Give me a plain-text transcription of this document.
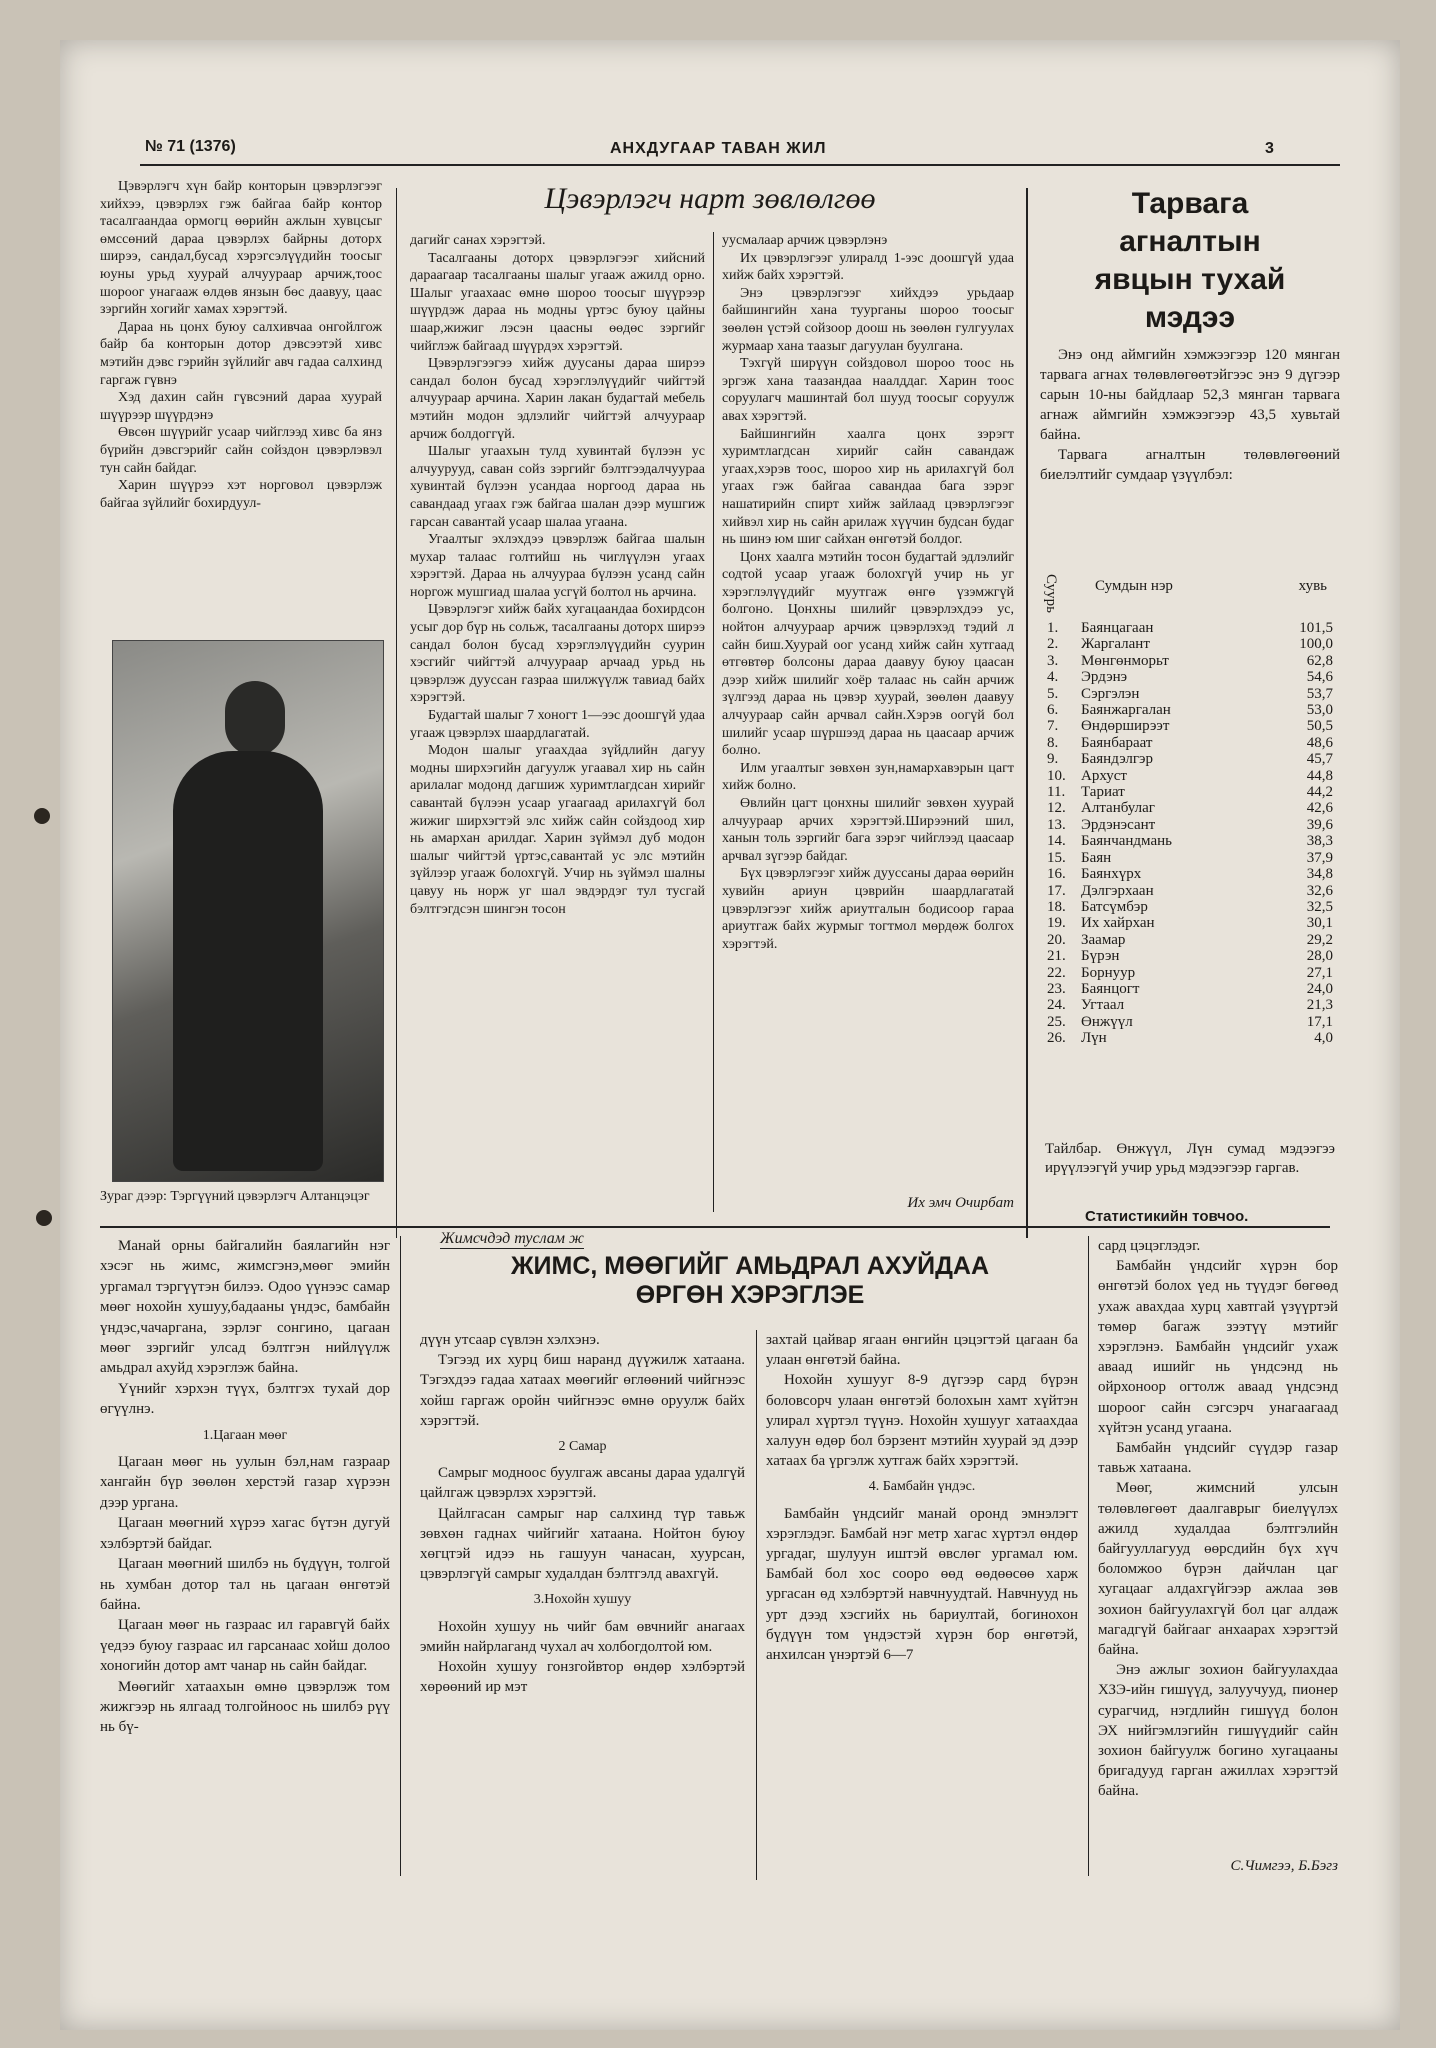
№ 71 (1376)	АНХДУГААР ТАВАН ЖИЛ	3

Цэвэрлэгч хүн байр конторын цэвэрлэгээг хийхээ, цэвэрлэх гэж байгаа байр контор тасалгаандаа ормогц өөрийн ажлын хувцсыг өмссөний дараа цэвэрлэх байрны доторх ширээ, сандал,бусад хэрэгсэлүүдийн тоосыг юуны урьд хуурай алчуураар арчиж,тоос шороог унагааж өлдөв янзын бөс даавуу, цаас зэргийн хогийг хамах хэрэгтэй.

Дараа нь цонх буюу салхивчаа онгойлгож байр ба конторын дотор дэвсээтэй хивс мэтийн дэвс гэрийн зүйлийг авч гадаа салхинд гаргаж гүвнэ

Хэд дахин сайн гүвсэний дараа хуурай шүүрээр шүүрдэнэ

Өвсөн шүүрийг усаар чийглээд хивс ба янз бүрийн дэвсгэрийг сайн сойздон цэвэрлэвэл тун сайн байдаг.

Харин шүүрээ хэт норговол цэвэрлэж байгаа зүйлийг бохирдуул-

Зураг дээр: Тэргүүний цэвэрлэгч Алтанцэцэг
Цэвэрлэгч нарт зөвлөлгөө

дагийг санах хэрэгтэй.

Тасалгааны доторх цэвэрлэгээг хийсний дараагаар тасалгааны шалыг угааж ажилд орно. Шалыг угаахаас өмнө шороо тоосыг шүүрээр шүүрдэж дараа нь модны үртэс буюу цайны шаар,жижиг лэсэн цаасны өөдөс зэргийг чийглэж байгаад шүүрдэх хэрэгтэй.

Цэвэрлэгээгээ хийж дуусаны дараа ширээ сандал болон бусад хэрэглэлүүдийг чийгтэй алчуураар арчина. Харин лакан будагтай мебель мэтийн модон эдлэлийг чийгтэй алчуураар арчиж болдоггүй.

Шалыг угаахын тулд хувинтай бүлээн ус алчуурууд, саван сойз зэргийг бэлтгээдалчуураа хувинтай бүлээн усандаа норгоод дараа нь савандаад угаах гэж байгаа шалан дээр мушгиж гарсан савантай усаар шалаа угаана.

Угаалтыг эхлэхдээ цэвэрлэж байгаа шалын мухар талаас голтийш нь чиглүүлэн угаах хэрэгтэй. Дараа нь алчуураа бүлээн усанд сайн норгож мушгиад шалаа усгүй болтол нь арчина.

Цэвэрлэгэг хийж байх хугацаандаа бохирдсон усыг дор бүр нь сольж, тасалгааны доторх ширээ сандал болон бусад хэрэглэлүүдийн суурин хэсгийг чийгтэй алчуураар арчаад урьд нь цэвэрлэж дууссан газраа шилжүүлж тавиад байх хэрэгтэй.

Будагтай шалыг 7 хоногт 1—ээс доошгүй удаа угааж цэвэрлэх шаардлагатай.

Модон шалыг угаахдаа зүйдлийн дагуу модны ширхэгийн дагуулж угаавал хир нь сайн арилалаг модонд дагшиж хуримтлагдсан хирийг савантай бүлээн усаар угаагаад арилахгүй бол жижиг ширхэгтэй элс хийж сайн сойздоод хир нь амархан арилдаг. Харин зүймэл дуб модон шалыг чийгтэй үртэс,савантай ус элс мэтийн зүйлээр угааж болохгүй. Учир нь зүймэл шалны цавуу нь норж уг шал эвдэрдэг тул тусгай бэлтгэгдсэн шингэн тосон

уусмалаар арчиж цэвэрлэнэ

Их цэвэрлэгээг улиралд 1-ээс доошгүй удаа хийж байх хэрэгтэй.

Энэ цэвэрлэгээг хийхдээ урьдаар байшингийн хана туурганы шороо тоосыг зөөлөн үстэй сойзоор доош нь зөөлөн гулгуулах журмаар хана таазыг дагуулан буулгана.

Тэхгүй ширүүн сойздовол шороо тоос нь эргэж хана таазандаа наалддаг. Харин тоос соруулагч машинтай бол шууд тоосыг соруулж авах хэрэгтэй.

Байшингийн хаалга цонх зэрэгт хуримтлагдсан хирийг сайн савандаж угаах,хэрэв тоос, шороо хир нь арилахгүй бол угаах гэж байгаа савандаа бага зэрэг нашатирийн спирт хийж зайлаад цэвэрлэгээг хийвэл хир нь сайн арилаж хүүчин будсан будаг нь шинэ юм шиг сайхан өнгөтэй болдог.

Цонх хаалга мэтийн тосон будагтай эдлэлийг содтой усаар угааж болохгүй учир нь уг хэрэглэлүүдийг муутгаж өнгө үзэмжгүй болгоно. Цонхны шилийг цэвэрлэхдээ ус, нойтон алчуураар арчиж цэвэрлэхэд тэдий л сайн биш.Хуурай оог усанд хийж сайн хутгаад өтгөвтөр болсоны дараа даавуу буюу цаасан дээр хийж шилийг хоёр талаас нь сайн арчиж зүлгээд дараа нь цэвэр хуурай, зөөлөн даавуу алчуураар сайн арчвал сайн.Хэрэв оогүй бол шилийг усаар шүршээд дараа нь цаасаар арчиж болно.

Илм угаалтыг зөвхөн зун,намархавэрын цагт хийж болно.

Өвлийн цагт цонхны шилийг зөвхөн хуурай алчуураар арчих хэрэгтэй.Ширээний шил, ханын толь зэргийг бага зэрэг чийглээд цаасаар арчвал зүгээр байдаг.

Бүх цэвэрлэгээг хийж дууссаны дараа өөрийн хувийн ариун цэврийн шаардлагатай цэвэрлэгээг хийж ариутгалын бодисоор гараа ариутгаж байх журмыг тогтмол мөрдөж болгох хэрэгтэй.

Их эмч Очирбат
Тарвага
агналтын
явцын тухай
мэдээ

Энэ онд аймгийн хэмжээгээр 120 мянган тарвага агнах төлөвлөгөөтэйгээс энэ 9 дүгээр сарын 10-ны байдлаар 52,3 мянган тарвага агнаж аймгийн хэмжээгээр 43,5 хувьтай байна.

Тарвага агналтын төлөвлөгөөний биелэлтийг сумдаар үзүүлбэл:

Суурь Сумдын нэр	хувь
1.	Баянцагаан	101,5
2.	Жаргалант	100,0
3.	Мөнгөнморьт	62,8
4.	Эрдэнэ	54,6
5.	Сэргэлэн	53,7
6.	Баянжаргалан	53,0
7.	Өндөрширээт	50,5
8.	Баянбараат	48,6
9.	Баяндэлгэр	45,7
10.	Архуст	44,8
11.	Тариат	44,2
12.	Алтанбулаг	42,6
13.	Эрдэнэсант	39,6
14.	Баянчандмань	38,3
15.	Баян	37,9
16.	Баянхүрх	34,8
17.	Дэлгэрхаан	32,6
18.	Батсүмбэр	32,5
19.	Их хайрхан	30,1
20.	Заамар	29,2
21.	Бүрэн	28,0
22.	Борнуур	27,1
23.	Баянцогт	24,0
24.	Угтаал	21,3
25.	Өнжүүл	17,1
26.	Лүн	4,0
Тайлбар. Өнжүүл, Лүн сумад мэдээгээ ирүүлээгүй учир урьд мэдээгээр гаргав.
Статистикийн товчоо.

Манай орны байгалийн баялагийн нэг хэсэг нь жимс, жимсгэнэ,мөөг эмийн ургамал тэргүүтэн билээ. Одоо үүнээс самар мөөг нохойн хушуу,бадааны үндэс, бамбайн үндэс,чачаргана, зэрлэг сонгино, цагаан мөөг зэргийг улсад бэлтгэн нийлүүлж амьдрал ахуйд хэрэглэж байна.

Үүнийг хэрхэн түүх, бэлтгэх тухай дор өгүүлнэ.

1.Цагаан мөөг

Цагаан мөөг нь уулын бэл,нам газраар хангайн бүр зөөлөн херстэй газар хүрээн дээр ургана.

Цагаан мөөгний хүрээ хагас бүтэн дугуй хэлбэртэй байдаг.

Цагаан мөөгний шилбэ нь бүдүүн, толгой нь хумбан дотор тал нь цагаан өнгөтэй байна.

Цагаан мөөг нь газраас ил гаравгүй байх үедээ буюу газраас ил гарсанаас хойш долоо хоногийн дотор амт чанар нь сайн байдаг.

Мөөгийг хатаахын өмнө цэвэрлэж том жижгээр нь ялгаад толгойноос нь шилбэ рүү нь бү-

Жимсчдэд туслам ж
ЖИМС, МӨӨГИЙГ АМЬДРАЛ АХУЙДАА
ӨРГӨН ХЭРЭГЛЭЕ

дүүн утсаар сүвлэн хэлхэнэ.

Тэгээд их хурц биш наранд дүүжилж хатаана. Тэгэхдээ гадаа хатаах мөөгийг өглөөний чийгнээс хойш гаргаж оройн чийгнээс өмнө оруулж байх хэрэгтэй.

2 Самар

Самрыг модноос буулгаж авсаны дараа удалгүй цайлгаж цэвэрлэх хэрэгтэй.

Цайлгасан самрыг нар салхинд түр тавьж зөвхөн гаднах чийгийг хатаана. Нойтон буюу хөгцтэй идээ нь гашуун чанасан, хуурсан, цэвэрлэгүй самрыг худалдан бэлтгэлд авахгүй.

3.Нохойн хушуу

Нохойн хушуу нь чийг бам өвчнийг анагаах эмийн найрлаганд чухал ач холбогдолтой юм.

Нохойн хушуу гонзгойвтор өндөр хэлбэртэй хөрөөний ир мэт

захтай цайвар ягаан өнгийн цэцэгтэй цагаан ба улаан өнгөтэй байна.

Нохойн хушууг 8-9 дүгээр сард бүрэн боловсорч улаан өнгөтэй болохын хамт хүйтэн улирал хүртэл түүнэ. Нохойн хушууг хатаахдаа халуун өдөр бол бэрзент мэтийн хуурай эд дээр хатаах ба үргэлж хутгаж байх хэрэгтэй.

4. Бамбайн үндэс.

Бамбайн үндсийг манай оронд эмнэлэгт хэрэглэдэг. Бамбай нэг метр хагас хүртэл өндөр ургадаг, шулуун иштэй өвслөг ургамал юм. Бамбай бол хос сооро өөд өөдөөсөө харж ургасан өд хэлбэртэй навчнуудтай. Навчнууд нь урт дээд хэсгийх нь бариултай, богинохон бүдүүн том үндэстэй хүрэн бор өнгөтэй, анхилсан үнэртэй 6—7

сард цэцэглэдэг.

Бамбайн үндсийг хүрэн бор өнгөтэй болох үед нь түүдэг бөгөөд ухаж авахдаа хурц хавтгай үзүүртэй төмөр багаж зээтүү мэтийг хэрэглэнэ. Бамбайн үндсийг ухаж аваад ишийг нь үндсэнд нь ойрхоноор огтолж аваад үндсэнд шороог сайн сэгсэрч унагаагаад хүйтэн усанд угаана.

Бамбайн үндсийг сүүдэр газар тавьж хатаана.

Мөөг, жимсний улсын төлөвлөгөөт даалгаврыг биелүүлэх ажилд худалдаа бэлтгэлийн байгууллагууд өөрсдийн бүх хүч боломжоо бүрэн дайчлан цаг хугацааг алдахгүйгээр ажлаа зөв зохион байгуулахгүй бол цаг алдаж магадгүй байгааг анхаарах хэрэгтэй байна.

Энэ ажлыг зохион байгуулахдаа ХЗЭ-ийн гишүүд, залуучууд, пионер сурагчид, нэгдлийн гишүүд болон ЭХ нийгэмлэгийн гишүүдийг сайн зохион байгуулж богино хугацааны бригадууд гарган ажиллах хэрэгтэй байна.

С.Чимгээ, Б.Бэгз
